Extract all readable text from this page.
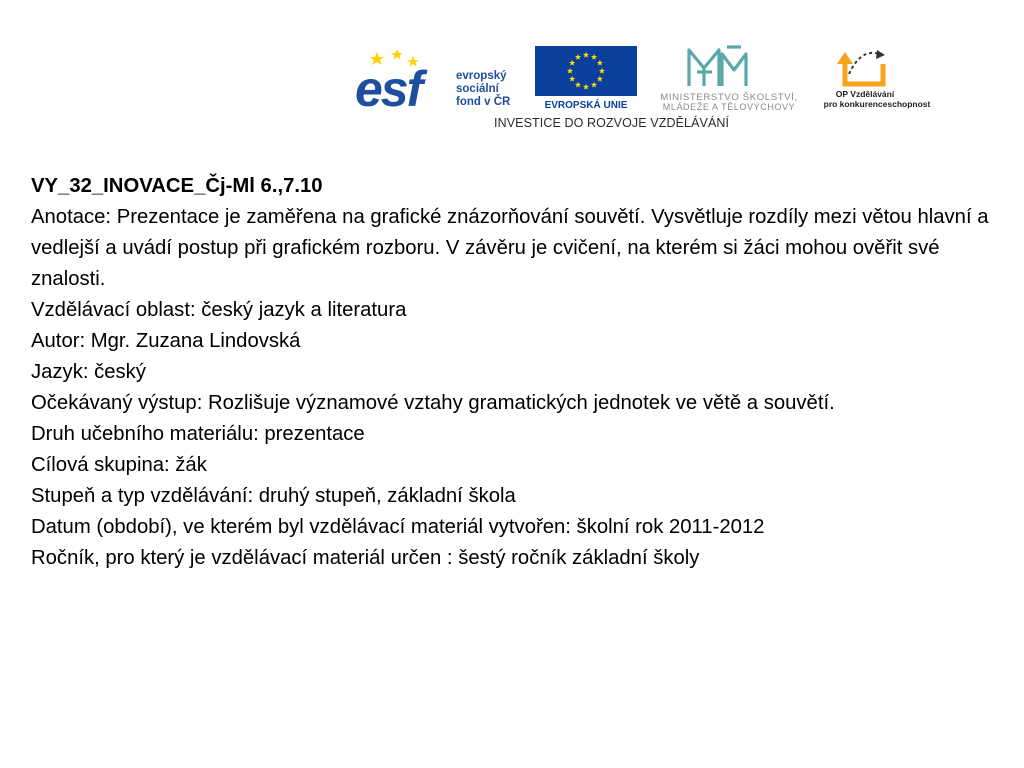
esf	evropský
sociální
fond v ČR	EVROPSKÁ UNIE
MINISTERSTVO ŠKOLSTVÍ,
MLÁDEŽE A TĚLOVÝCHOVY
OP Vzdělávání
pro konkurenceschopnost
INVESTICE DO ROZVOJE VZDĚLÁVÁNÍ

VY_32_INOVACE_Čj-Ml 6.,7.10

Anotace: Prezentace je zaměřena na grafické znázorňování souvětí. Vysvětluje rozdíly mezi větou hlavní a vedlejší a uvádí postup při grafickém rozboru. V závěru je cvičení, na kterém si žáci mohou ověřit své znalosti.

Vzdělávací oblast: český jazyk a literatura

Autor: Mgr. Zuzana Lindovská

Jazyk: český

Očekávaný výstup: Rozlišuje významové vztahy gramatických jednotek ve větě a souvětí.

Druh učebního materiálu: prezentace

Cílová skupina: žák

Stupeň a typ vzdělávání: druhý stupeň, základní škola

Datum (období), ve kterém byl vzdělávací materiál vytvořen: školní rok 2011-2012

Ročník, pro který je vzdělávací materiál určen : šestý ročník základní školy
